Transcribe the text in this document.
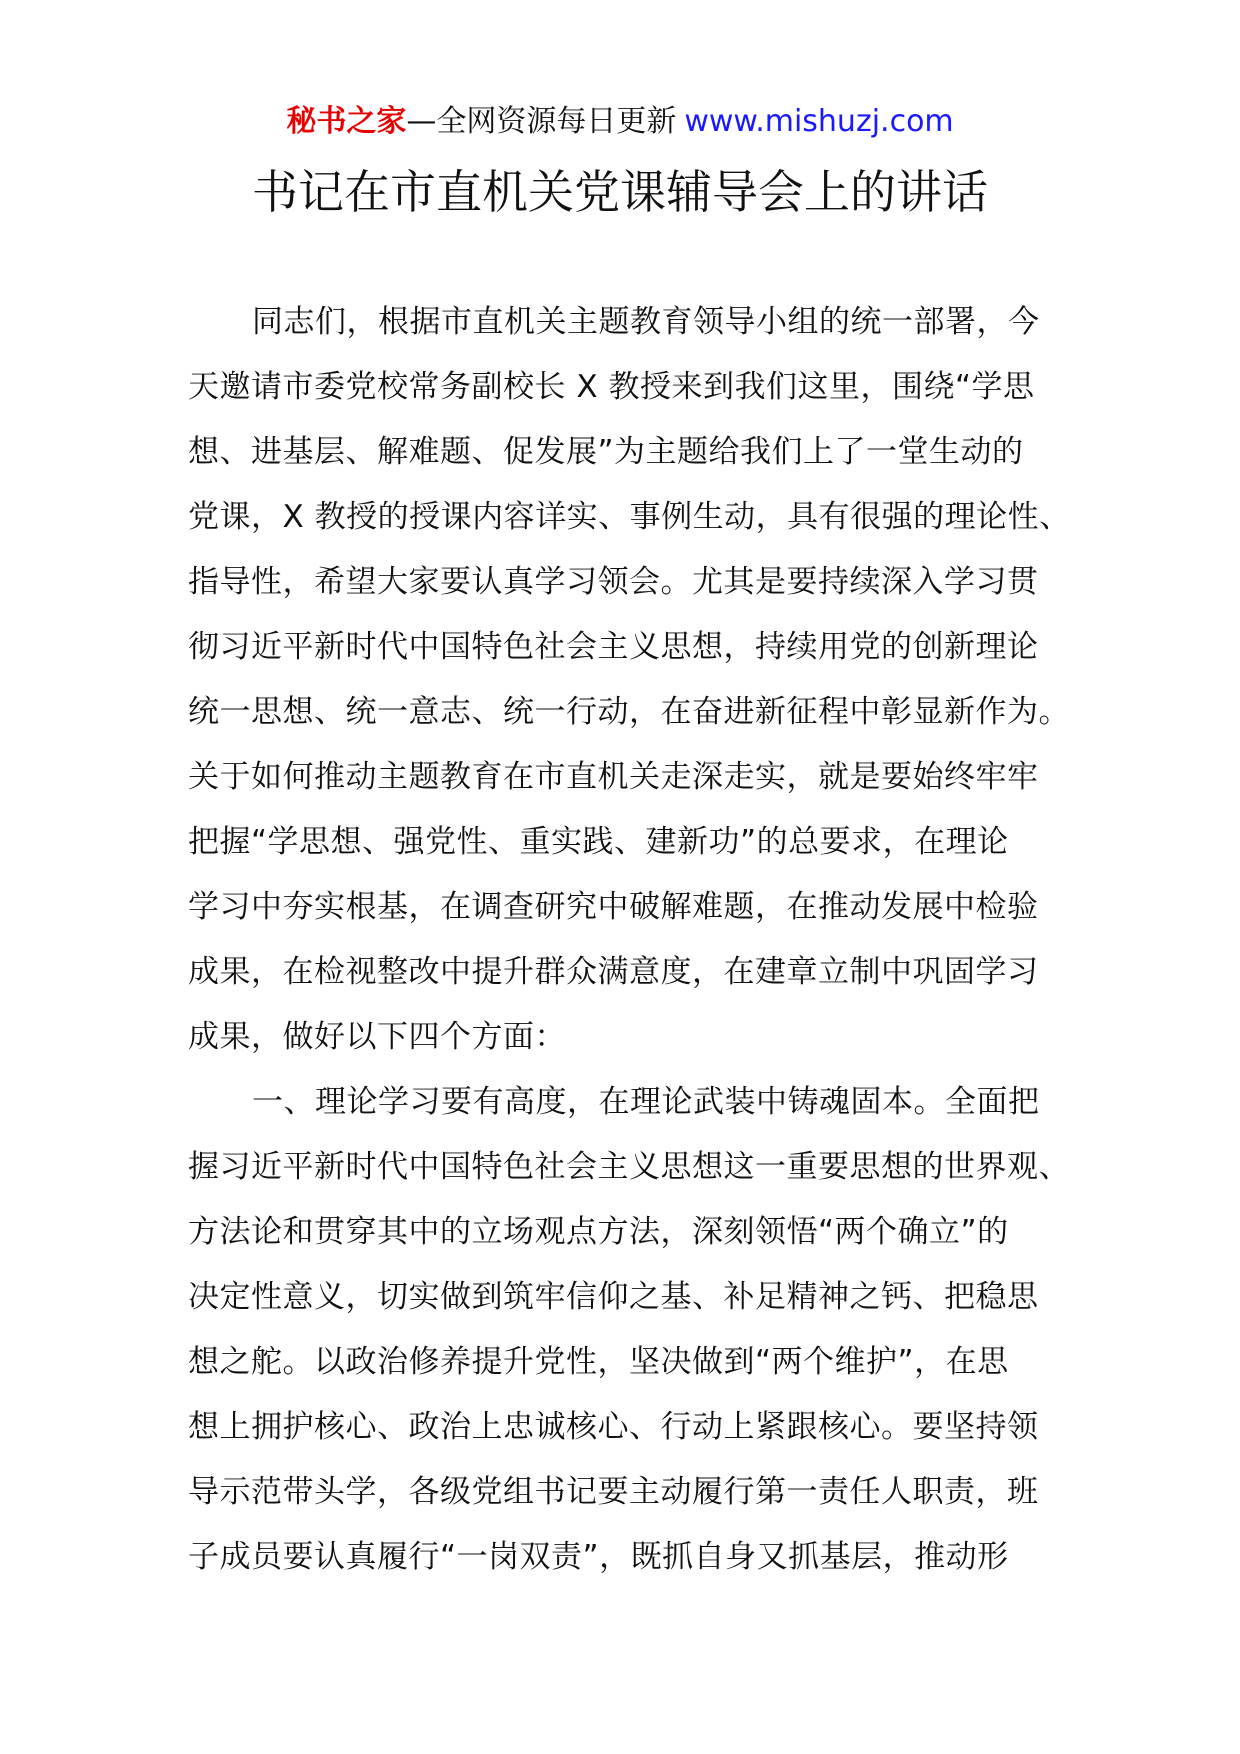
秘书之家—全网资源每日更新 www.mishuzj.com
书记在市直机关党课辅导会上的讲话
同志们，根据市直机关主题教育领导小组的统一部署，今
天邀请市委党校常务副校长 X 教授来到我们这里，围绕“学思
想、进基层、解难题、促发展”为主题给我们上了一堂生动的
党课，X 教授的授课内容详实、事例生动，具有很强的理论性、
指导性，希望大家要认真学习领会。尤其是要持续深入学习贯
彻习近平新时代中国特色社会主义思想，持续用党的创新理论
统一思想、统一意志、统一行动，在奋进新征程中彰显新作为。
关于如何推动主题教育在市直机关走深走实，就是要始终牢牢
把握“学思想、强党性、重实践、建新功”的总要求，在理论
学习中夯实根基，在调查研究中破解难题，在推动发展中检验
成果，在检视整改中提升群众满意度，在建章立制中巩固学习
成果，做好以下四个方面：
一、理论学习要有高度，在理论武装中铸魂固本。全面把
握习近平新时代中国特色社会主义思想这一重要思想的世界观、
方法论和贯穿其中的立场观点方法，深刻领悟“两个确立”的
决定性意义，切实做到筑牢信仰之基、补足精神之钙、把稳思
想之舵。以政治修养提升党性，坚决做到“两个维护”，在思
想上拥护核心、政治上忠诚核心、行动上紧跟核心。要坚持领
导示范带头学，各级党组书记要主动履行第一责任人职责，班
子成员要认真履行“一岗双责”，既抓自身又抓基层，推动形
